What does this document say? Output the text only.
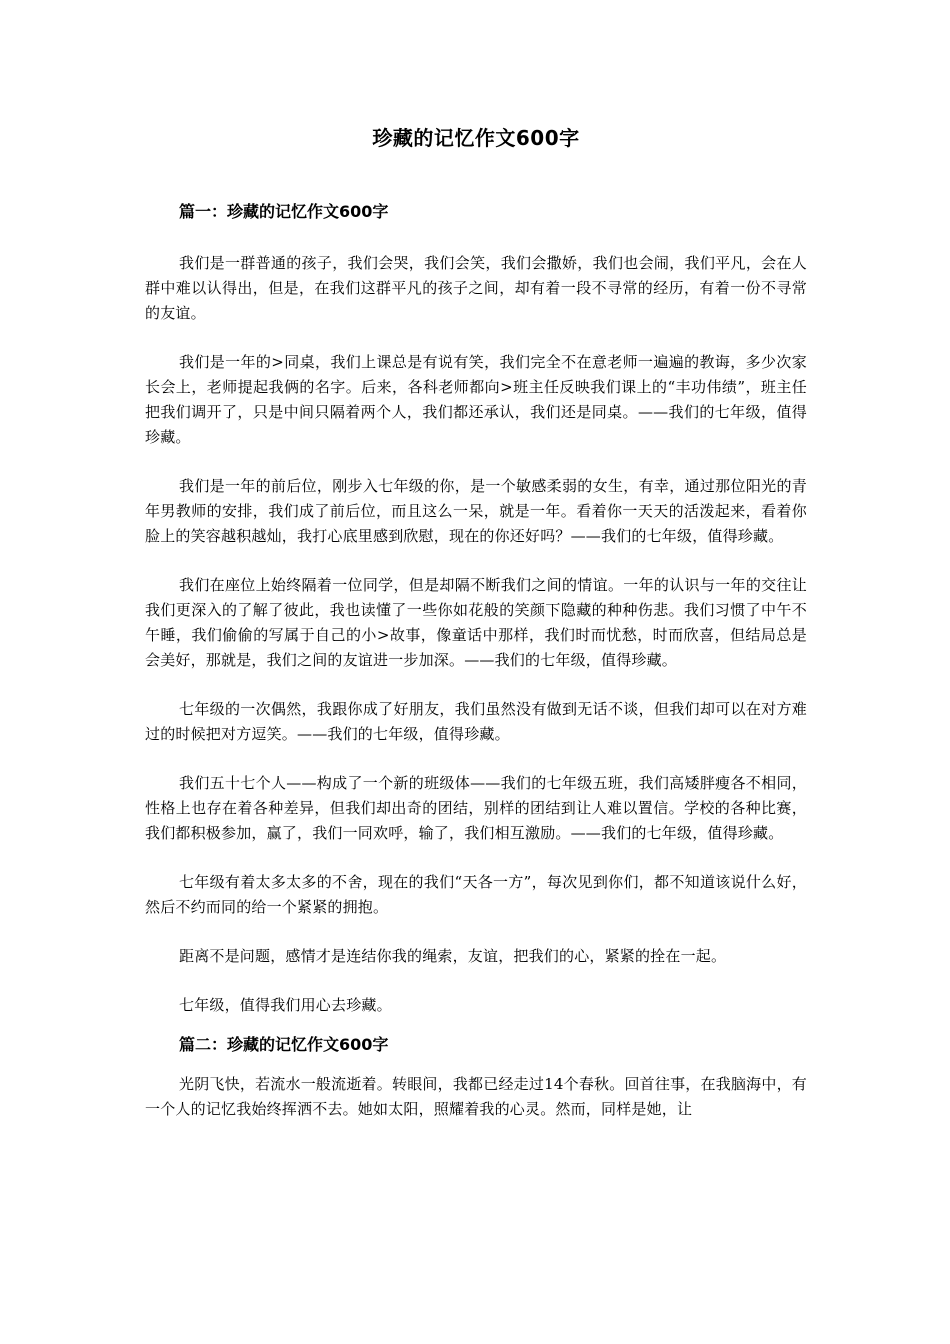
珍藏的记忆作文600字
篇一：珍藏的记忆作文600字

我们是一群普通的孩子，我们会哭，我们会笑，我们会撒娇，我们也会闹，我们平凡，会在人群中难以认得出，但是，在我们这群平凡的孩子之间，却有着一段不寻常的经历，有着一份不寻常的友谊。

我们是一年的>同桌，我们上课总是有说有笑，我们完全不在意老师一遍遍的教诲，多少次家长会上，老师提起我俩的名字。后来，各科老师都向>班主任反映我们课上的“丰功伟绩”，班主任把我们调开了，只是中间只隔着两个人，我们都还承认，我们还是同桌。——我们的七年级，值得珍藏。

我们是一年的前后位，刚步入七年级的你，是一个敏感柔弱的女生，有幸，通过那位阳光的青年男教师的安排，我们成了前后位，而且这么一呆，就是一年。看着你一天天的活泼起来，看着你脸上的笑容越积越灿，我打心底里感到欣慰，现在的你还好吗？——我们的七年级，值得珍藏。

我们在座位上始终隔着一位同学，但是却隔不断我们之间的情谊。一年的认识与一年的交往让我们更深入的了解了彼此，我也读懂了一些你如花般的笑颜下隐藏的种种伤悲。我们习惯了中午不午睡，我们偷偷的写属于自己的小>故事，像童话中那样，我们时而忧愁，时而欣喜，但结局总是会美好，那就是，我们之间的友谊进一步加深。——我们的七年级，值得珍藏。

七年级的一次偶然，我跟你成了好朋友，我们虽然没有做到无话不谈，但我们却可以在对方难过的时候把对方逗笑。——我们的七年级，值得珍藏。

我们五十七个人——构成了一个新的班级体——我们的七年级五班，我们高矮胖瘦各不相同，性格上也存在着各种差异，但我们却出奇的团结，别样的团结到让人难以置信。学校的各种比赛，我们都积极参加，赢了，我们一同欢呼，输了，我们相互激励。——我们的七年级，值得珍藏。

七年级有着太多太多的不舍，现在的我们“天各一方”，每次见到你们，都不知道该说什么好，然后不约而同的给一个紧紧的拥抱。

距离不是问题，感情才是连结你我的绳索，友谊，把我们的心，紧紧的拴在一起。

七年级，值得我们用心去珍藏。

篇二：珍藏的记忆作文600字

光阴飞快，若流水一般流逝着。转眼间，我都已经走过14个春秋。回首往事，在我脑海中，有一个人的记忆我始终挥洒不去。她如太阳，照耀着我的心灵。然而，同样是她，让
